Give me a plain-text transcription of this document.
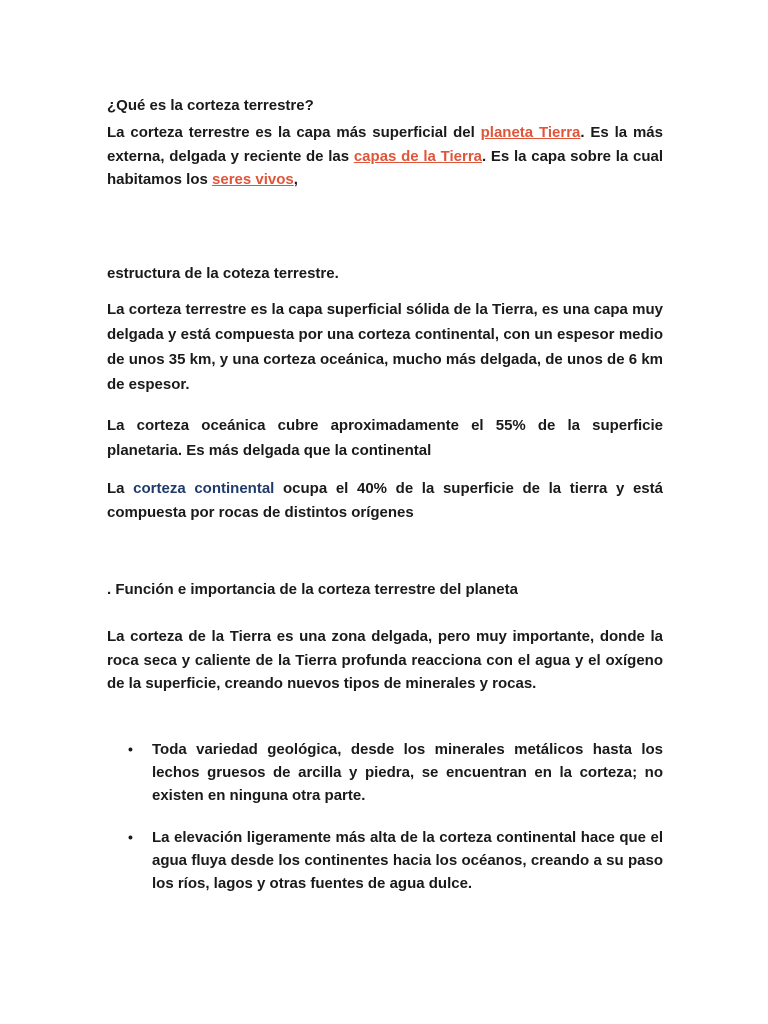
¿Qué es la corteza terrestre?

La corteza terrestre es la capa más superficial del planeta Tierra. Es la más externa, delgada y reciente de las capas de la Tierra. Es la capa sobre la cual habitamos los seres vivos,

estructura de la coteza terrestre.

La corteza terrestre es la capa superficial sólida de la Tierra, es una capa muy delgada y está compuesta por una corteza continental, con un espesor medio de unos 35 km, y una corteza oceánica, mucho más delgada, de unos de 6 km de espesor.

La corteza oceánica cubre aproximadamente el 55% de la superficie planetaria. Es más delgada que la continental

La corteza continental ocupa el 40% de la superficie de la tierra y está compuesta por rocas de distintos orígenes

. Función e importancia de la corteza terrestre del planeta

La corteza de la Tierra es una zona delgada, pero muy importante, donde la roca seca y caliente de la Tierra profunda reacciona con el agua y el oxígeno de la superficie, creando nuevos tipos de minerales y rocas.

• Toda variedad geológica, desde los minerales metálicos hasta los lechos gruesos de arcilla y piedra, se encuentran en la corteza; no existen en ninguna otra parte.
• La elevación ligeramente más alta de la corteza continental hace que el agua fluya desde los continentes hacia los océanos, creando a su paso los ríos, lagos y otras fuentes de agua dulce.
